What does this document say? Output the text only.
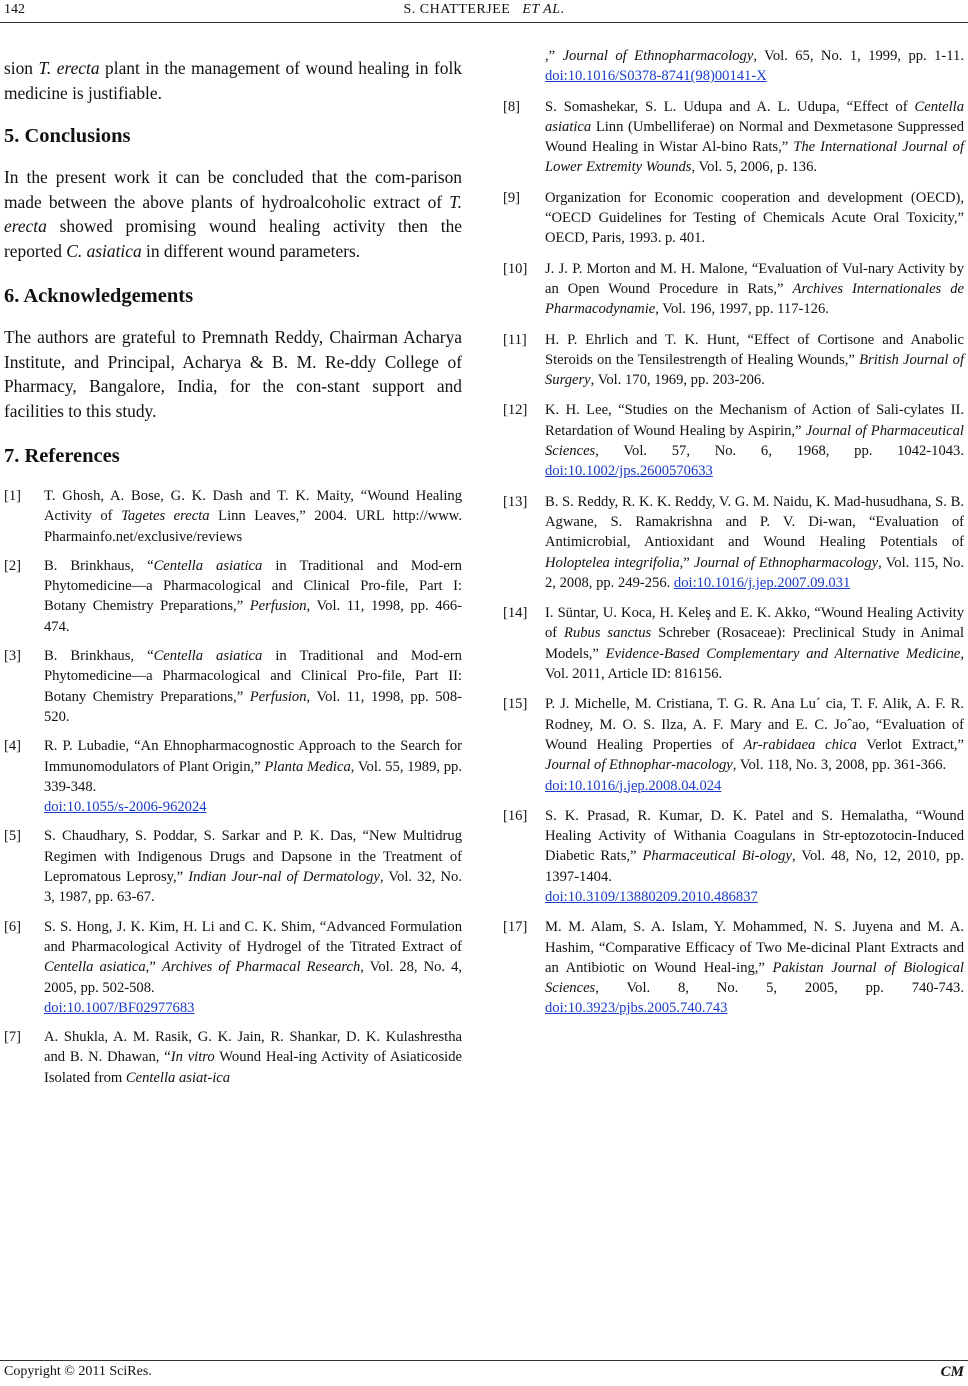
142	S. CHATTERJEE ET AL.

sion T. erecta plant in the management of wound healing in folk medicine is justifiable.

5. Conclusions

In the present work it can be concluded that the com-parison made between the above plants of hydroalcoholic extract of T. erecta showed promising wound healing activity then the reported C. asiatica in different wound parameters.

6. Acknowledgements

The authors are grateful to Premnath Reddy, Chairman Acharya Institute, and Principal, Acharya & B. M. Re-ddy College of Pharmacy, Bangalore, India, for the con-stant support and facilities to this study.

7. References
[1]	T. Ghosh, A. Bose, G. K. Dash and T. K. Maity, “Wound Healing Activity of Tagetes erecta Linn Leaves,” 2004. URL http://www. Pharmainfo.net/exclusive/reviews
[2]	B. Brinkhaus, “Centella asiatica in Traditional and Mod-ern Phytomedicine―a Pharmacological and Clinical Pro-file, Part I: Botany Chemistry Preparations,” Perfusion, Vol. 11, 1998, pp. 466-474.
[3]	B. Brinkhaus, “Centella asiatica in Traditional and Mod-ern Phytomedicine―a Pharmacological and Clinical Pro-file, Part II: Botany Chemistry Preparations,” Perfusion, Vol. 11, 1998, pp. 508-520.
[4]	R. P. Lubadie, “An Ehnopharmacognostic Approach to the Search for Immunomodulators of Plant Origin,” Planta Medica, Vol. 55, 1989, pp. 339-348.
doi:10.1055/s-2006-962024
[5]	S. Chaudhary, S. Poddar, S. Sarkar and P. K. Das, “New Multidrug Regimen with Indigenous Drugs and Dapsone in the Treatment of Lepromatous Leprosy,” Indian Jour-nal of Dermatology, Vol. 32, No. 3, 1987, pp. 63-67.
[6]	S. S. Hong, J. K. Kim, H. Li and C. K. Shim, “Advanced Formulation and Pharmacological Activity of Hydrogel of the Titrated Extract of Centella asiatica,” Archives of Pharmacal Research, Vol. 28, No. 4, 2005, pp. 502-508.
doi:10.1007/BF02977683
[7]	A. Shukla, A. M. Rasik, G. K. Jain, R. Shankar, D. K. Kulashrestha and B. N. Dhawan, “In vitro Wound Heal-ing Activity of Asiaticoside Isolated from Centella asiat-ica
,” Journal of Ethnopharmacology, Vol. 65, No. 1, 1999, pp. 1-11. doi:10.1016/S0378-8741(98)00141-X
[8]	S. Somashekar, S. L. Udupa and A. L. Udupa, “Effect of Centella asiatica Linn (Umbelliferae) on Normal and Dexmetasone Suppressed Wound Healing in Wistar Al-bino Rats,” The International Journal of Lower Extremity Wounds, Vol. 5, 2006, p. 136.
[9]	Organization for Economic cooperation and development (OECD), “OECD Guidelines for Testing of Chemicals Acute Oral Toxicity,” OECD, Paris, 1993. p. 401.
[10]	J. J. P. Morton and M. H. Malone, “Evaluation of Vul-nary Activity by an Open Wound Procedure in Rats,” Archives Internationales de Pharmacodynamie, Vol. 196, 1997, pp. 117-126.
[11]	H. P. Ehrlich and T. K. Hunt, “Effect of Cortisone and Anabolic Steroids on the Tensilestrength of Healing Wounds,” British Journal of Surgery, Vol. 170, 1969, pp. 203-206.
[12]	K. H. Lee, “Studies on the Mechanism of Action of Sali-cylates II. Retardation of Wound Healing by Aspirin,” Journal of Pharmaceutical Sciences, Vol. 57, No. 6, 1968, pp. 1042-1043. doi:10.1002/jps.2600570633
[13]	B. S. Reddy, R. K. K. Reddy, V. G. M. Naidu, K. Mad-husudhana, S. B. Agwane, S. Ramakrishna and P. V. Di-wan, “Evaluation of Antimicrobial, Antioxidant and Wound Healing Potentials of Holoptelea integrifolia,” Journal of Ethnopharmacology, Vol. 115, No. 2, 2008, pp. 249-256. doi:10.1016/j.jep.2007.09.031
[14]	I. Süntar, U. Koca, H. Keleş and E. K. Akko, “Wound Healing Activity of Rubus sanctus Schreber (Rosaceae): Preclinical Study in Animal Models,” Evidence-Based Complementary and Alternative Medicine, Vol. 2011, Article ID: 816156.
[15]	P. J. Michelle, M. Cristiana, T. G. R. Ana Lu´ cia, T. F. Alik, A. F. R. Rodney, M. O. S. Ilza, A. F. Mary and E. C. Joˆao, “Evaluation of Wound Healing Properties of Ar-rabidaea chica Verlot Extract,” Journal of Ethnophar-macology, Vol. 118, No. 3, 2008, pp. 361-366.
doi:10.1016/j.jep.2008.04.024
[16]	S. K. Prasad, R. Kumar, D. K. Patel and S. Hemalatha, “Wound Healing Activity of Withania Coagulans in Str-eptozotocin-Induced Diabetic Rats,” Pharmaceutical Bi-ology, Vol. 48, No, 12, 2010, pp. 1397-1404.
doi:10.3109/13880209.2010.486837
[17]	M. M. Alam, S. A. Islam, Y. Mohammed, N. S. Juyena and M. A. Hashim, “Comparative Efficacy of Two Me-dicinal Plant Extracts and an Antibiotic on Wound Heal-ing,” Pakistan Journal of Biological Sciences, Vol. 8, No. 5, 2005, pp. 740-743. doi:10.3923/pjbs.2005.740.743
Copyright © 2011 SciRes.	CM
